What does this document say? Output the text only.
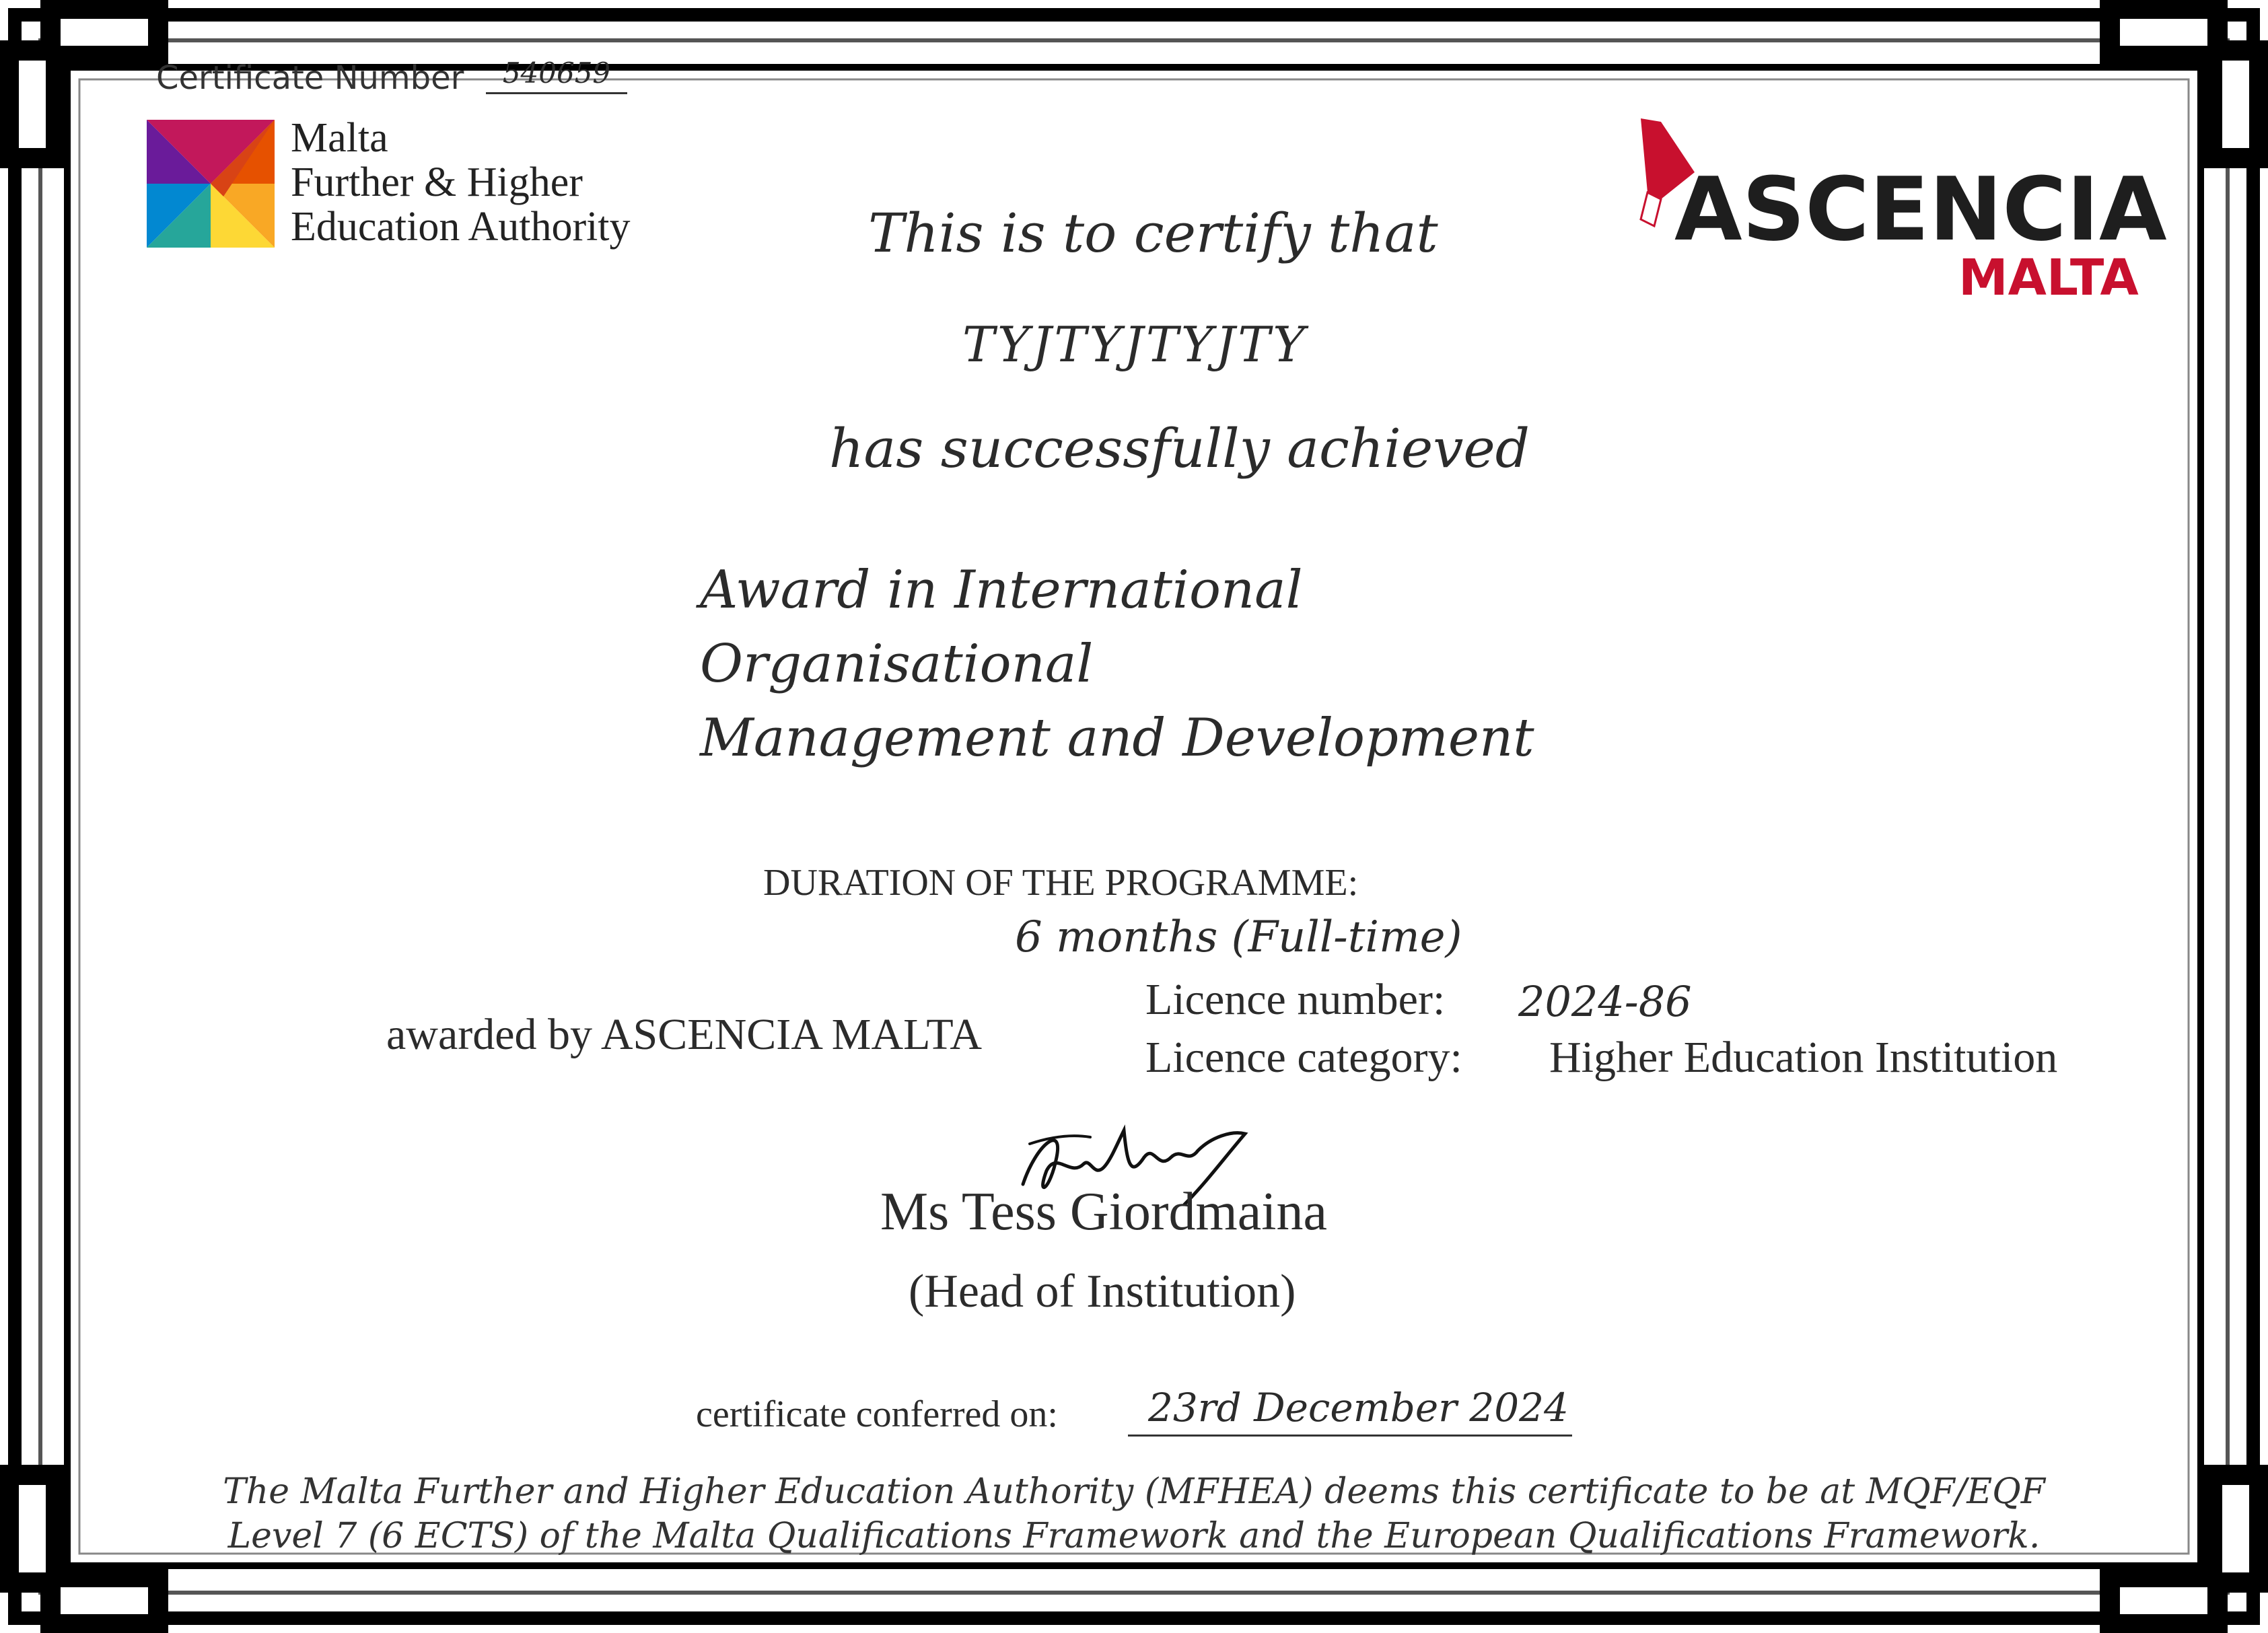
Certificate Number	540659
Malta
Further & Higher
Education Authority	ASCENCIA
MALTA
This is to certify that
TYJTYJTYJTY
has successfully achieved
Award in International Organisational
Management and Development
DURATION OF THE PROGRAMME:
6 months (Full-time)
awarded by ASCENCIA MALTA
Licence number: 2024-86
Licence category: Higher Education Institution
Ms Tess Giordmaina
(Head of Institution)
certificate conferred on:	23rd December 2024
The Malta Further and Higher Education Authority (MFHEA) deems this certificate to be at MQF/EQF Level 7 (6 ECTS) of the Malta Qualifications Framework and the European Qualifications Framework.
